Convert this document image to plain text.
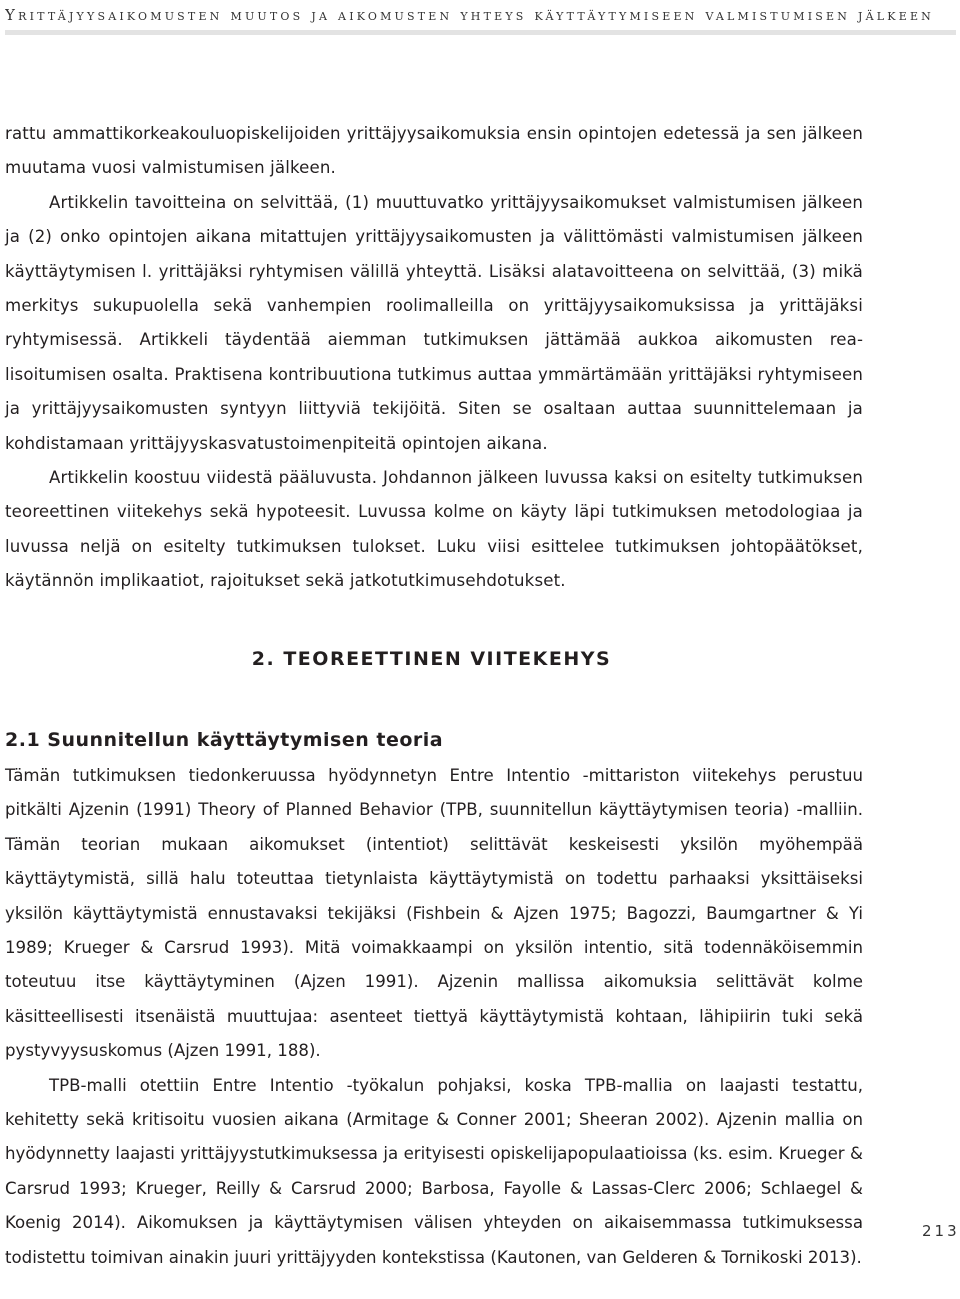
Yrittäjyysaikomusten muutos ja aikomusten yhteys käyttäytymiseen valmistumisen jälkeen

rattu ammattikorkeakouluopiskelijoiden yrittäjyysaikomuksia ensin opintojen edetessä ja sen jälkeen muutama vuosi valmistumisen jälkeen.

Artikkelin tavoitteina on selvittää, (1) muuttuvatko yrittäjyysaikomukset valmistumisen jälkeen ja (2) onko opintojen aikana mitattujen yrittäjyysaikomusten ja välittömästi valmistumisen jälkeen käyttäytymisen l. yrittäjäksi ryhtymisen välillä yhteyttä. Lisäksi alatavoitteena on selvittää, (3) mikä merkitys sukupuolella sekä vanhempien roolimalleilla on yrittäjyysaikomuksissa ja yrittäjäksi ryhtymisessä. Artikkeli täydentää aiemman tutkimuksen jättämää aukkoa aikomusten realisoitumisen osalta. Praktisena kontribuutiona tutkimus auttaa ymmärtämään yrittäjäksi ryhtymiseen ja yrittäjyysaikomusten syntyyn liittyviä tekijöitä. Siten se osaltaan auttaa suunnittelemaan ja kohdistamaan yrittäjyyskasvatustoimenpiteitä opintojen aikana.

Artikkelin koostuu viidestä pääluvusta. Johdannon jälkeen luvussa kaksi on esitelty tutkimuksen teoreettinen viitekehys sekä hypoteesit. Luvussa kolme on käyty läpi tutkimuksen metodologiaa ja luvussa neljä on esitelty tutkimuksen tulokset. Luku viisi esittelee tutkimuksen johtopäätökset, käytännön implikaatiot, rajoitukset sekä jatkotutkimusehdotukset.

2. TEOREETTINEN VIITEKEHYS
2.1 Suunnitellun käyttäytymisen teoria

Tämän tutkimuksen tiedonkeruussa hyödynnetyn Entre Intentio -mittariston viitekehys perustuu pitkälti Ajzenin (1991) Theory of Planned Behavior (TPB, suunnitellun käyttäytymisen teoria) -malliin. Tämän teorian mukaan aikomukset (intentiot) selittävät keskeisesti yksilön myöhempää käyttäytymistä, sillä halu toteuttaa tietynlaista käyttäytymistä on todettu parhaaksi yksittäiseksi yksilön käyttäytymistä ennustavaksi tekijäksi (Fishbein & Ajzen 1975; Bagozzi, Baumgartner & Yi 1989; Krueger & Carsrud 1993). Mitä voimakkaampi on yksilön intentio, sitä todennäköisemmin toteutuu itse käyttäytyminen (Ajzen 1991). Ajzenin mallissa aikomuksia selittävät kolme käsitteellisesti itsenäistä muuttujaa: asenteet tiettyä käyttäytymistä kohtaan, lähipiirin tuki sekä pystyvyysuskomus (Ajzen 1991, 188).

TPB-malli otettiin Entre Intentio -työkalun pohjaksi, koska TPB-mallia on laajasti testattu, kehitetty sekä kritisoitu vuosien aikana (Armitage & Conner 2001; Sheeran 2002). Ajzenin mallia on hyödynnetty laajasti yrittäjyystutkimuksessa ja erityisesti opiskelijapopulaatioissa (ks. esim. Krueger & Carsrud 1993; Krueger, Reilly & Carsrud 2000; Barbosa, Fayolle & Lassas-Clerc 2006; Schlaegel & Koenig 2014). Aikomuksen ja käyttäytymisen välisen yhteyden on aikaisemmassa tutkimuksessa todistettu toimivan ainakin juuri yrittäjyyden kontekstissa (Kautonen, van Gelderen & Tornikoski 2013).

213
